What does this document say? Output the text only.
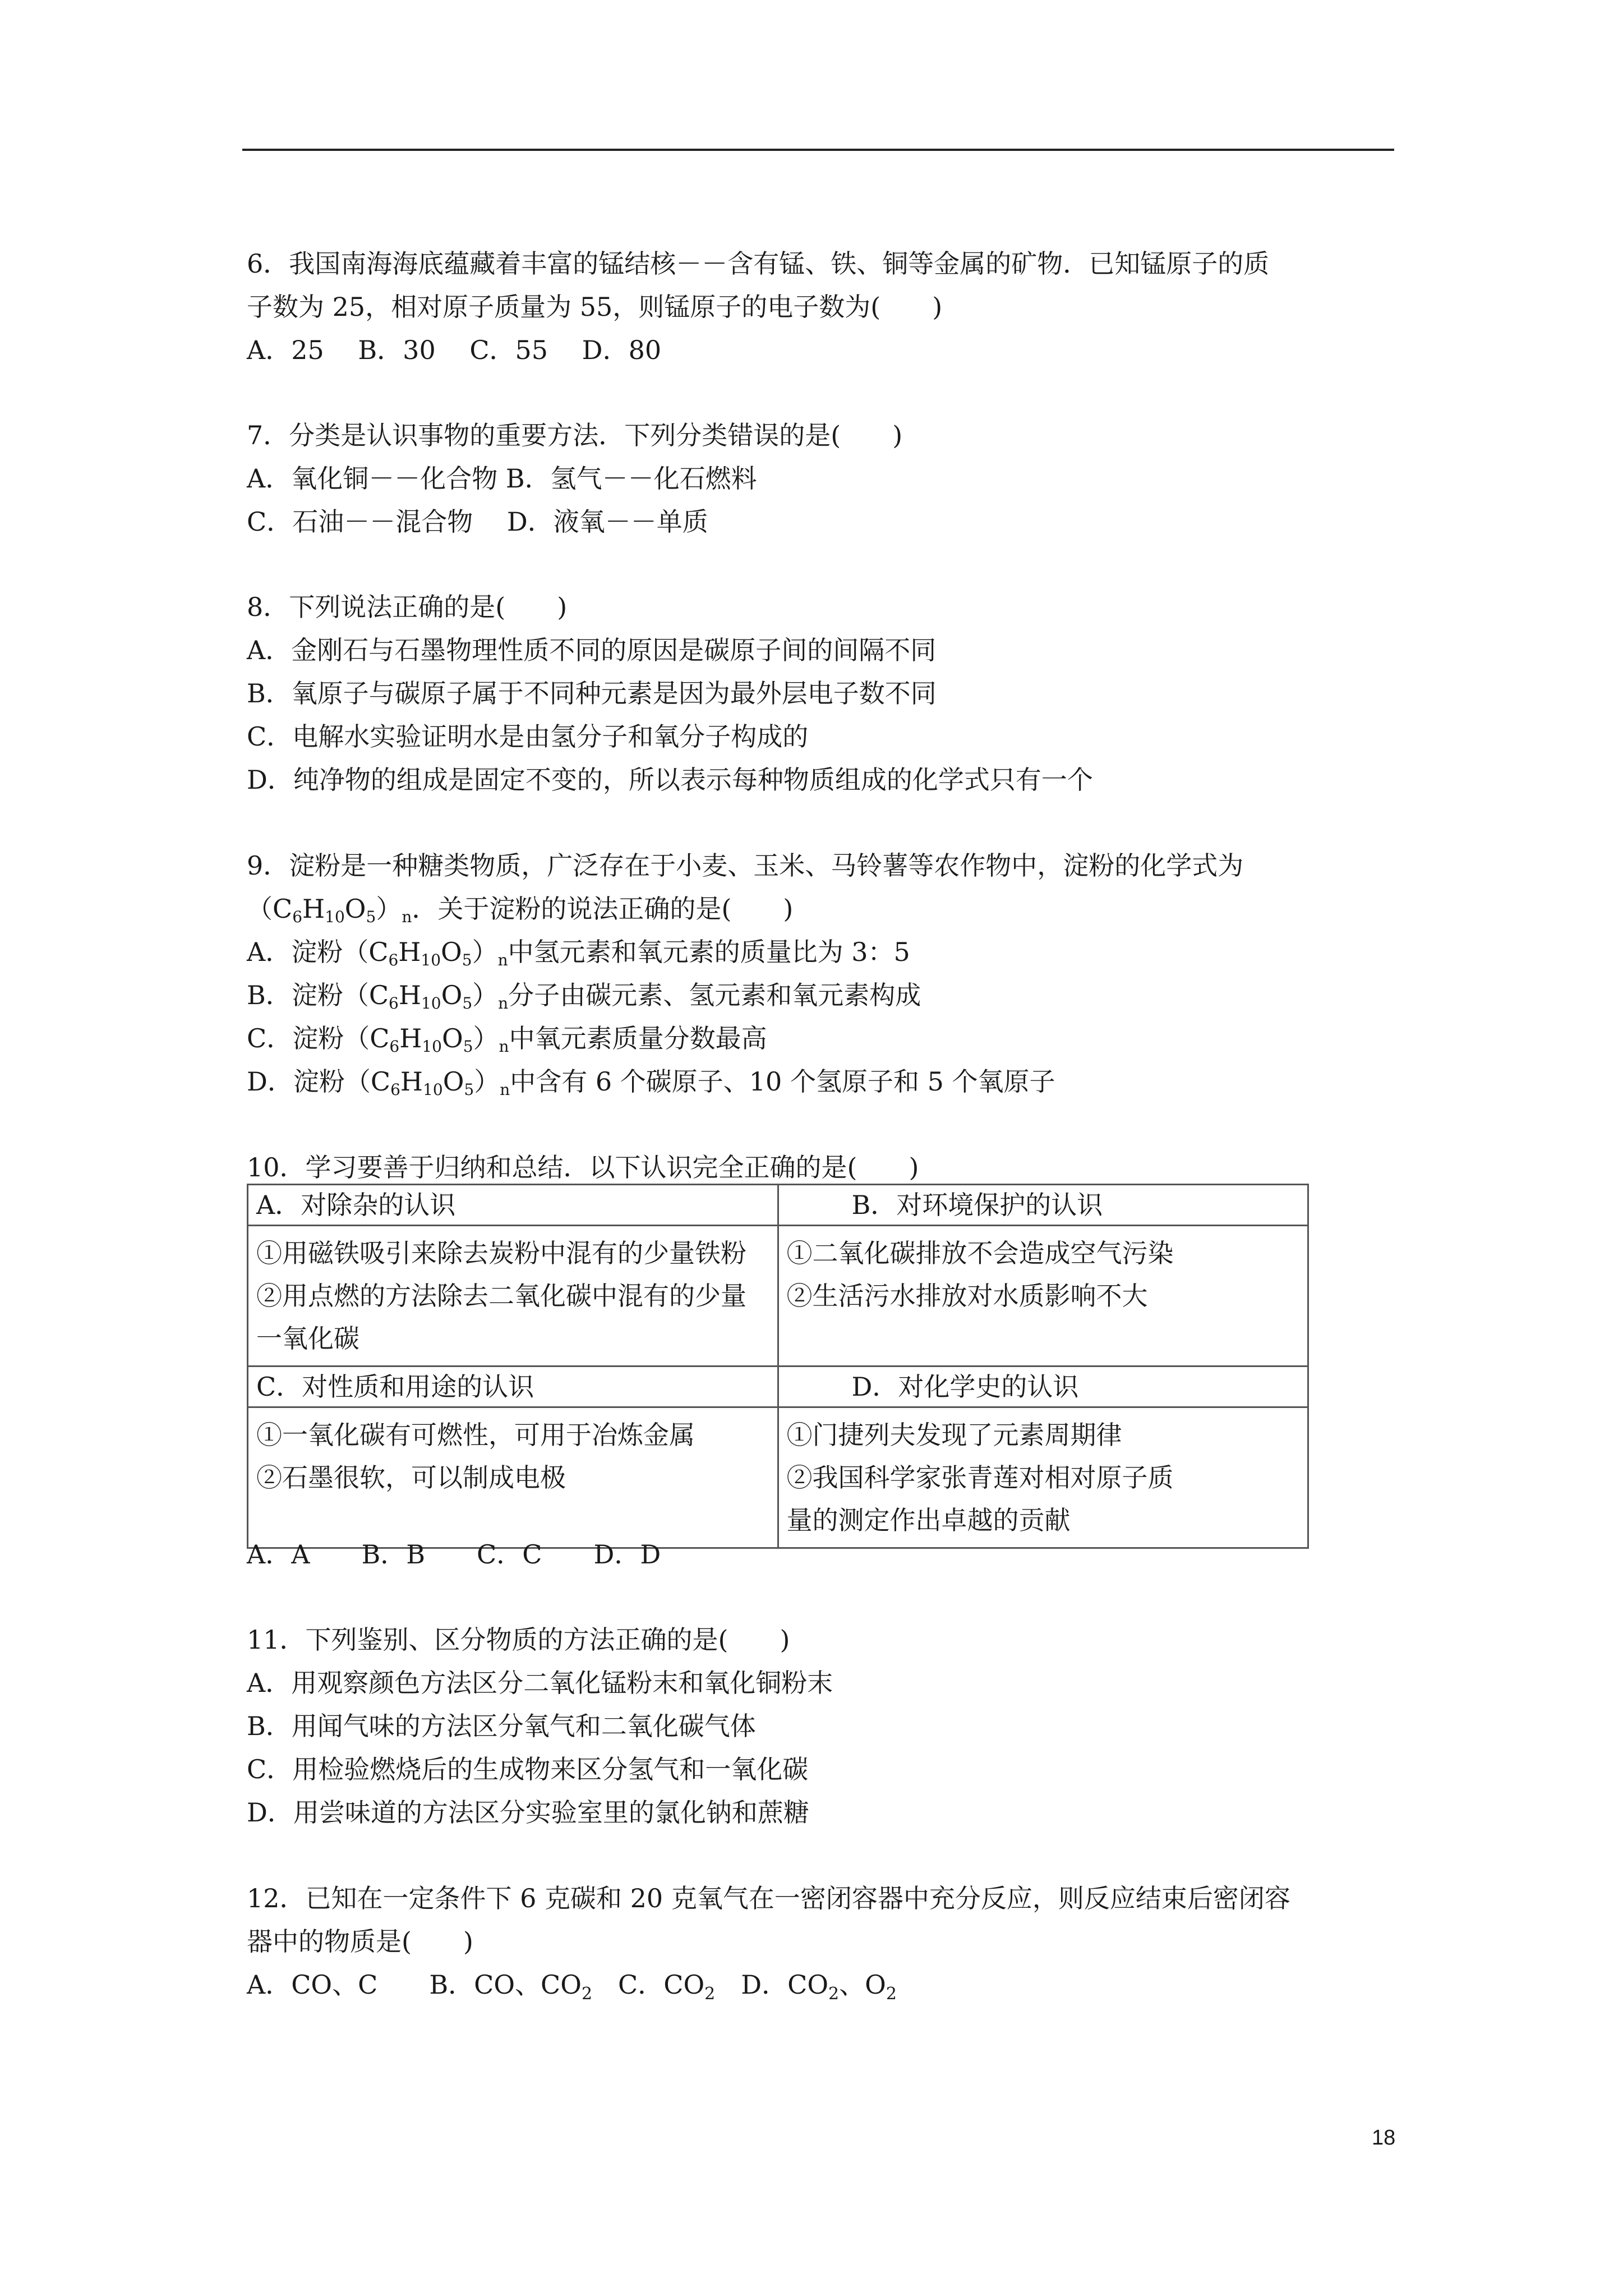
6．我国南海海底蕴藏着丰富的锰结核－－含有锰、铁、铜等金属的矿物．已知锰原子的质
子数为 25，相对原子质量为 55，则锰原子的电子数为(　　)
A．25　 B．30　 C．55　 D．80
7．分类是认识事物的重要方法．下列分类错误的是(　　)
A．氧化铜－－化合物 B．氢气－－化石燃料
C．石油－－混合物　 D．液氧－－单质
8．下列说法正确的是(　　)
A．金刚石与石墨物理性质不同的原因是碳原子间的间隔不同
B．氧原子与碳原子属于不同种元素是因为最外层电子数不同
C．电解水实验证明水是由氢分子和氧分子构成的
D．纯净物的组成是固定不变的，所以表示每种物质组成的化学式只有一个
9．淀粉是一种糖类物质，广泛存在于小麦、玉米、马铃薯等农作物中，淀粉的化学式为
$(C_6H_{10}O_5)_n$．关于淀粉的说法正确的是(　　)
A．淀粉$(C_6H_{10}O_5)_n$中氢元素和氧元素的质量比为 3：5
B．淀粉$(C_6H_{10}O_5)_n$分子由碳元素、氢元素和氧元素构成
C．淀粉$(C_6H_{10}O_5)_n$中氧元素质量分数最高
D．淀粉$(C_6H_{10}O_5)_n$中含有 6 个碳原子、10 个氢原子和 5 个氧原子
10．学习要善于归纳和总结．以下认识完全正确的是(　　)
A．对除杂的认识	B．对环境保护的认识

①用磁铁吸引来除去炭粉中混有的少量铁粉
②用点燃的方法除去二氧化碳中混有的少量
一氧化碳	①二氧化碳排放不会造成空气污染
②生活污水排放对水质影响不大

C．对性质和用途的认识	D．对化学史的认识

①一氧化碳有可燃性，可用于冶炼金属
②石墨很软，可以制成电极	①门捷列夫发现了元素周期律
②我国科学家张青莲对相对原子质
量的测定作出卓越的贡献
A．A　　B．B　　C．C　　D．D
11．下列鉴别、区分物质的方法正确的是(　　)
A．用观察颜色方法区分二氧化锰粉末和氧化铜粉末
B．用闻气味的方法区分氧气和二氧化碳气体
C．用检验燃烧后的生成物来区分氢气和一氧化碳
D．用尝味道的方法区分实验室里的氯化钠和蔗糖
12．已知在一定条件下 6 克碳和 20 克氧气在一密闭容器中充分反应，则反应结束后密闭容
器中的物质是(　　)
A．CO、C　　B．CO、$CO_2$　C．$CO_2$　D．$CO_2$、$O_2$
18
